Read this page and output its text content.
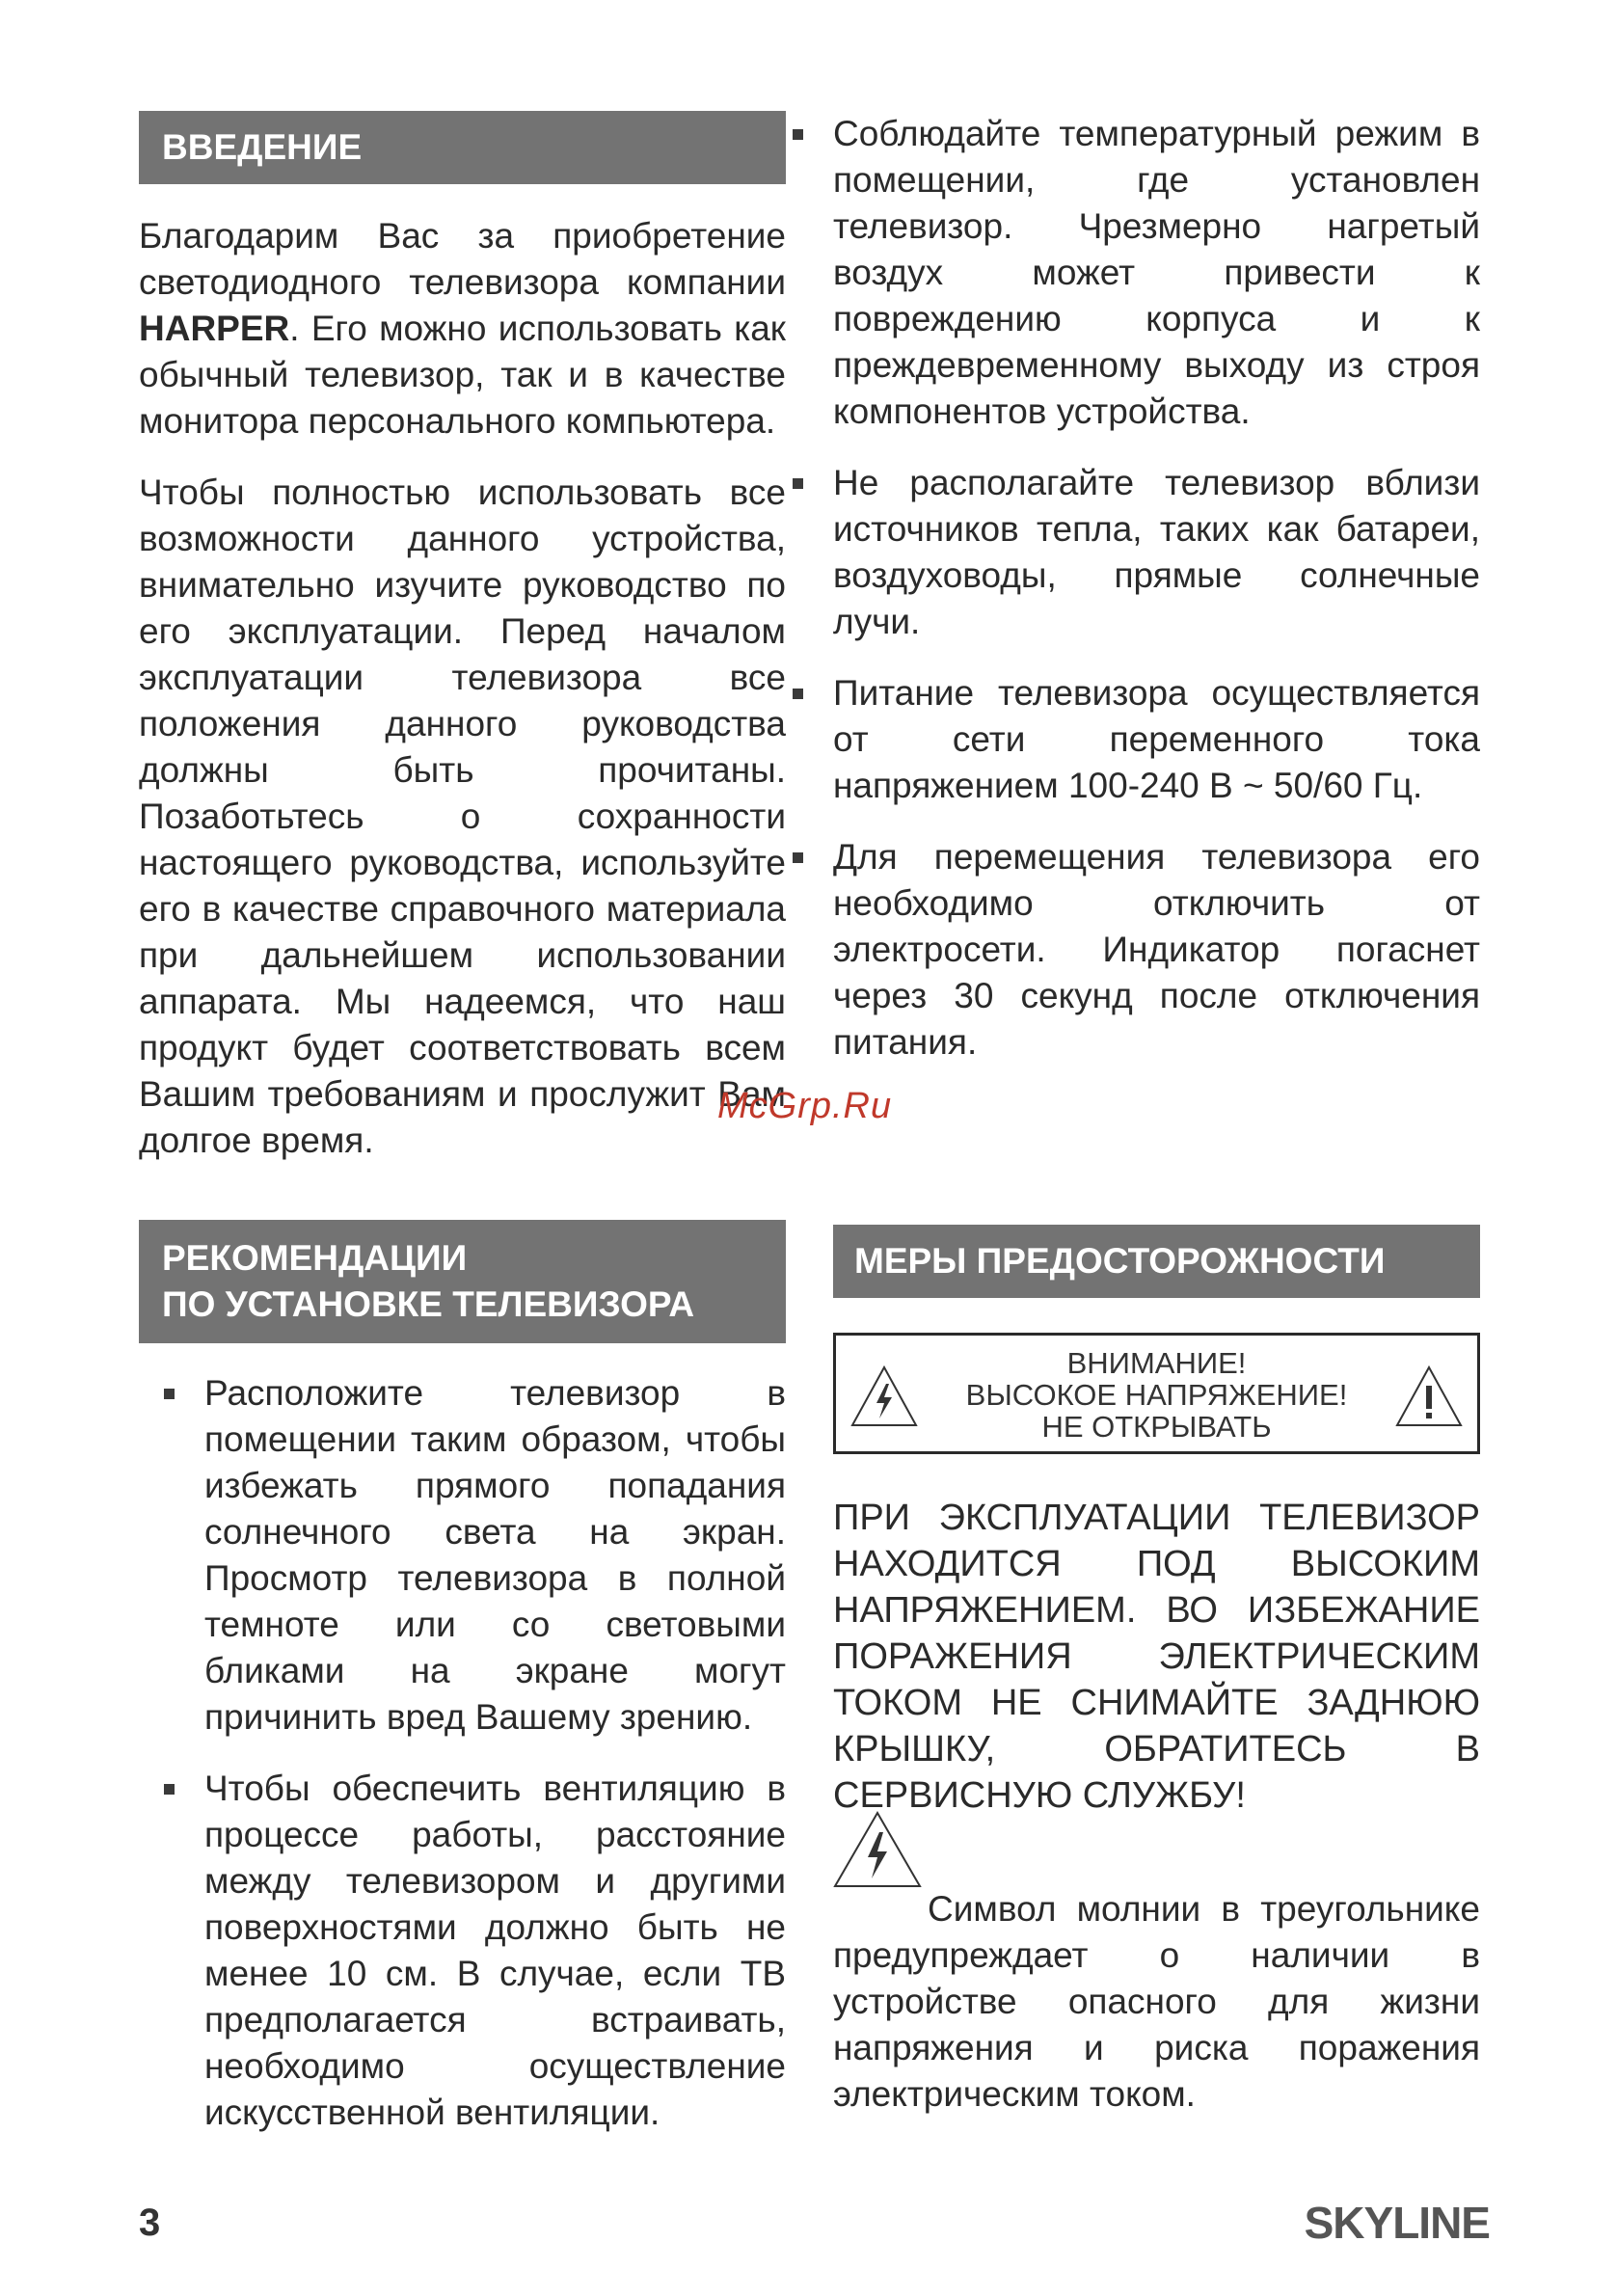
ВВЕДЕНИЕ

Благодарим Вас за приобретение светодиодного телевизора компании HARPER. Его можно использовать как обычный телевизор, так и в качестве монитора персонального компьютера.

Чтобы полностью использовать все возможности данного устройства, внимательно изучите руководство по его эксплуатации. Перед началом эксплуатации телевизора все положения данного руководства должны быть прочитаны. Позаботьтесь о сохранности настоящего руководства, используйте его в качестве справочного материала при дальнейшем использовании аппарата. Мы надеемся, что наш продукт будет соответствовать всем Вашим требованиям и прослужит Вам долгое время.

РЕКОМЕНДАЦИИ
ПО УСТАНОВКЕ ТЕЛЕВИЗОРА
Расположите телевизор в помещении таким образом, чтобы избежать прямого попадания солнечного света на экран. Просмотр телевизора в полной темноте или со световыми бликами на экране могут причинить вред Вашему зрению.
Чтобы обеспечить вентиляцию в процессе работы, расстояние между телевизором и другими поверхностями должно быть не менее 10 см. В случае, если ТВ предполагается встраивать, необходимо осуществление искусственной вентиляции.
Соблюдайте температурный режим в помещении, где установлен телевизор. Чрезмерно нагретый воздух может привести к повреждению корпуса и к преждевременному выходу из строя компонентов устройства.
Не располагайте телевизор вблизи источников тепла, таких как батареи, воздуховоды, прямые солнечные лучи.
Питание телевизора осуществляется от сети переменного тока напряжением 100-240 В ~ 50/60 Гц.
Для перемещения телевизора его необходимо отключить от электросети. Индикатор погаснет через 30 секунд после отключения питания.
МЕРЫ ПРЕДОСТОРОЖНОСТИ
ВНИМАНИЕ!
ВЫСОКОЕ НАПРЯЖЕНИЕ!
НЕ ОТКРЫВАТЬ

ПРИ ЭКСПЛУАТАЦИИ ТЕЛЕВИЗОР НАХОДИТСЯ ПОД ВЫСОКИМ НАПРЯЖЕНИЕМ. ВО ИЗБЕЖАНИЕ ПОРАЖЕНИЯ ЭЛЕКТРИЧЕСКИМ ТОКОМ НЕ СНИМАЙТЕ ЗАДНЮЮ КРЫШКУ, ОБРАТИТЕСЬ В СЕРВИСНУЮ СЛУЖБУ!

Символ молнии в треугольнике предупреждает о наличии в устройстве опасного для жизни напряжения и риска поражения электрическим током.

McGrp.Ru
3	SKYLINE
